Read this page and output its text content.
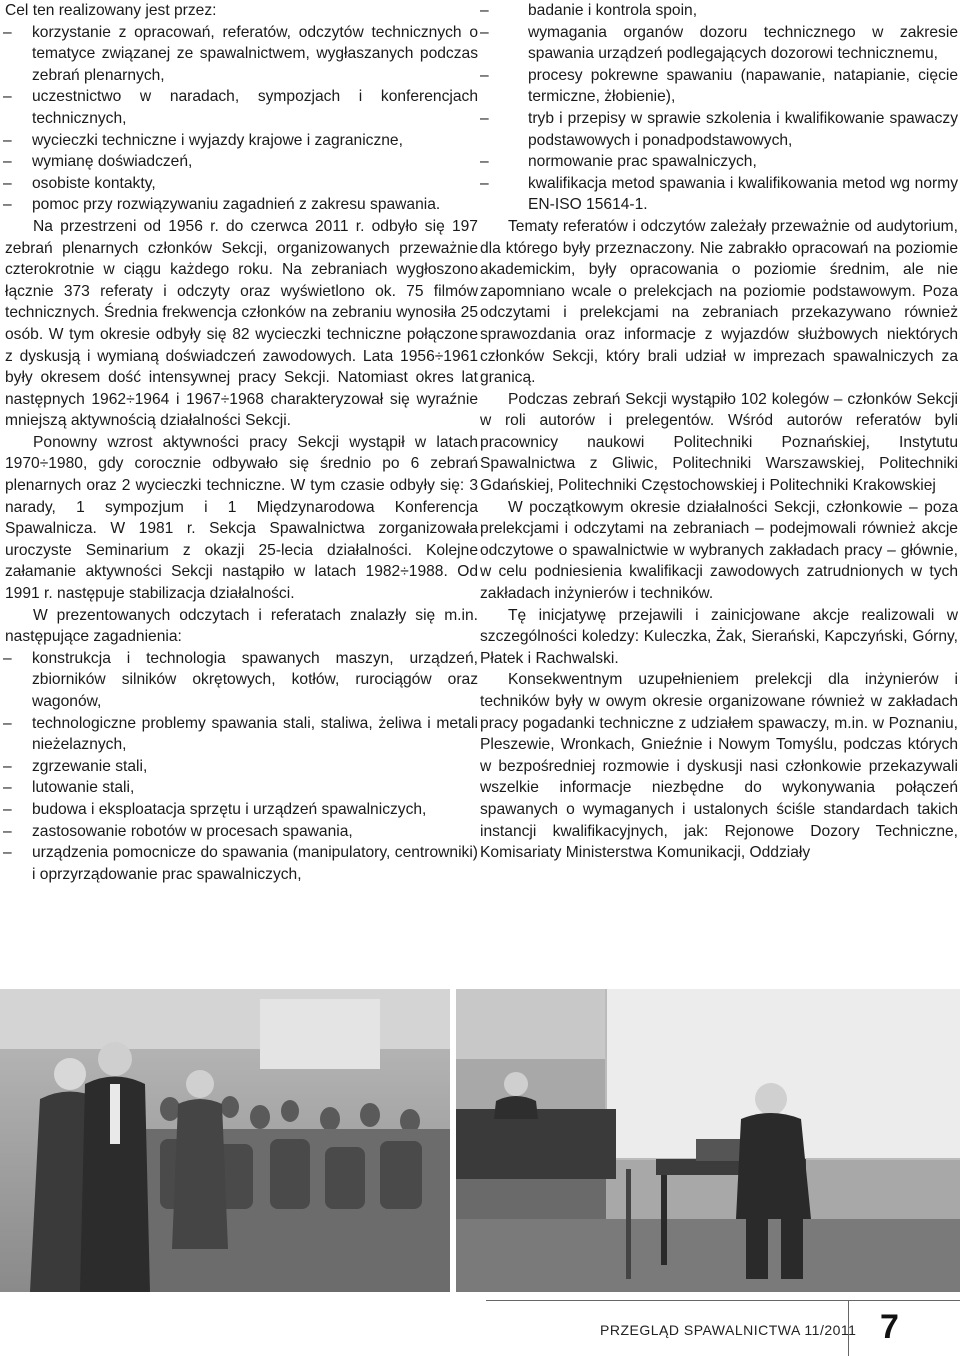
Cel ten realizowany jest przez:

– korzystanie z opracowań, referatów, odczytów technicznych o tematyce związanej ze spawalnictwem, wygłaszanych podczas zebrań plenarnych,
– uczestnictwo w naradach, sympozjach i konferencjach technicznych,
– wycieczki techniczne i wyjazdy krajowe i zagraniczne,
– wymianę doświadczeń,
– osobiste kontakty,
– pomoc przy rozwiązywaniu zagadnień z zakresu spawania.

Na przestrzeni od 1956 r. do czerwca 2011 r. odbyło się 197 zebrań plenarnych członków Sekcji, organizowanych przeważnie czterokrotnie w ciągu każdego roku. Na zebraniach wygłoszono łącznie 373 referaty i odczyty oraz wyświetlono ok. 75 filmów technicznych. Średnia frekwencja członków na zebraniu wynosiła 25 osób. W tym okresie odbyły się 82 wycieczki techniczne połączone z dyskusją i wymianą doświadczeń zawodowych. Lata 1956÷1961 były okresem dość intensywnej pracy Sekcji. Natomiast okres lat następnych 1962÷1964 i 1967÷1968 charakteryzował się wyraźnie mniejszą aktywnością działalności Sekcji.

Ponowny wzrost aktywności pracy Sekcji wystąpił w latach 1970÷1980, gdy corocznie odbywało się średnio po 6 zebrań plenarnych oraz 2 wycieczki techniczne. W tym czasie odbyły się: 3 narady, 1 sympozjum i 1 Międzynarodowa Konferencja Spawalnicza. W 1981 r. Sekcja Spawalnictwa zorganizowała uroczyste Seminarium z okazji 25-lecia działalności. Kolejne załamanie aktywności Sekcji nastąpiło w latach 1982÷1988. Od 1991 r. następuje stabilizacja działalności.

W prezentowanych odczytach i referatach znalazły się m.in. następujące zagadnienia:

– konstrukcja i technologia spawanych maszyn, urządzeń, zbiorników silników okrętowych, kotłów, rurociągów oraz wagonów,
– technologiczne problemy spawania stali, staliwa, żeliwa i metali nieżelaznych,
– zgrzewanie stali,
– lutowanie stali,
– budowa i eksploatacja sprzętu i urządzeń spawalniczych,
– zastosowanie robotów w procesach spawania,
– urządzenia pomocnicze do spawania (manipulatory, centrowniki) i oprzyrządowanie prac spawalniczych,
– badanie i kontrola spoin,
– wymagania organów dozoru technicznego w zakresie spawania urządzeń podlegających dozorowi technicznemu,
– procesy pokrewne spawaniu (napawanie, natapianie, cięcie termiczne, żłobienie),
– tryb i przepisy w sprawie szkolenia i kwalifikowanie spawaczy podstawowych i ponadpodstawowych,
– normowanie prac spawalniczych,
– kwalifikacja metod spawania i kwalifikowania metod wg normy EN-ISO 15614-1.

Tematy referatów i odczytów zależały przeważnie od audytorium, dla którego były przeznaczony. Nie zabrakło opracowań na poziomie akademickim, były opracowania o poziomie średnim, ale nie zapomniano wcale o prelekcjach na poziomie podstawowym. Poza odczytami i prelekcjami na zebraniach przekazywano również sprawozdania oraz informacje z wyjazdów służbowych niektórych członków Sekcji, który brali udział w imprezach spawalniczych za granicą.

Podczas zebrań Sekcji wystąpiło 102 kolegów – członków Sekcji w roli autorów i prelegentów. Wśród autorów referatów byli pracownicy naukowi Politechniki Poznańskiej, Instytutu Spawalnictwa z Gliwic, Politechniki Warszawskiej, Politechniki Gdańskiej, Politechniki Częstochowskiej i Politechniki Krakowskiej

W początkowym okresie działalności Sekcji, członkowie – poza prelekcjami i odczytami na zebraniach – podejmowali również akcje odczytowe o spawalnictwie w wybranych zakładach pracy – głównie, w celu podniesienia kwalifikacji zawodowych zatrudnionych w tych zakładach inżynierów i techników.

Tę inicjatywę przejawili i zainicjowane akcje realizowali w szczególności koledzy: Kuleczka, Żak, Sierański, Kapczyński, Górny, Płatek i Rachwalski.

Konsekwentnym uzupełnieniem prelekcji dla inżynierów i techników były w owym okresie organizowane również w zakładach pracy pogadanki techniczne z udziałem spawaczy, m.in. w Poznaniu, Pleszewie, Wronkach, Gnieźnie i Nowym Tomyślu, podczas których w bezpośredniej rozmowie i dyskusji nasi członkowie przekazywali wszelkie informacje niezbędne do wykonywania połączeń spawanych o wymaganych i ustalonych ściśle standardach takich instancji kwalifikacyjnych, jak: Rejonowe Dozory Techniczne, Komisariaty Ministerstwa Komunikacji, Oddziały

PRZEGLĄD SPAWALNICTWA 11/2011 7
